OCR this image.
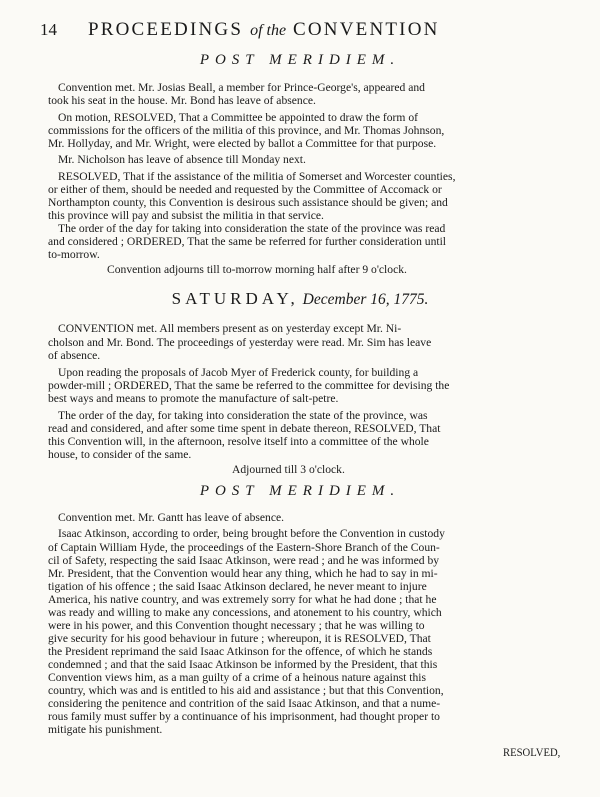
14 PROCEEDINGS of the CONVENTION
POST MERIDIEM.
Convention met. Mr. Josias Beall, a member for Prince-George's, appeared and
took his seat in the house. Mr. Bond has leave of absence.
On motion, RESOLVED, That a Committee be appointed to draw the form of
commissions for the officers of the militia of this province, and Mr. Thomas Johnson,
Mr. Hollyday, and Mr. Wright, were elected by ballot a Committee for that purpose.
Mr. Nicholson has leave of absence till Monday next.
RESOLVED, That if the assistance of the militia of Somerset and Worcester counties,
or either of them, should be needed and requested by the Committee of Accomack or
Northampton county, this Convention is desirous such assistance should be given; and
this province will pay and subsist the militia in that service.
The order of the day for taking into consideration the state of the province was read
and considered ; ORDERED, That the same be referred for further consideration until
to-morrow.
Convention adjourns till to-morrow morning half after 9 o'clock.
SATURDAY, December 16, 1775.
CONVENTION met. All members present as on yesterday except Mr. Ni-
cholson and Mr. Bond. The proceedings of yesterday were read. Mr. Sim has leave
of absence.
Upon reading the proposals of Jacob Myer of Frederick county, for building a
powder-mill ; ORDERED, That the same be referred to the committee for devising the
best ways and means to promote the manufacture of salt-petre.
The order of the day, for taking into consideration the state of the province, was
read and considered, and after some time spent in debate thereon, RESOLVED, That
this Convention will, in the afternoon, resolve itself into a committee of the whole
house, to consider of the same.
Adjourned till 3 o'clock.
POST MERIDIEM.
Convention met. Mr. Gantt has leave of absence.
Isaac Atkinson, according to order, being brought before the Convention in custody
of Captain William Hyde, the proceedings of the Eastern-Shore Branch of the Coun-
cil of Safety, respecting the said Isaac Atkinson, were read ; and he was informed by
Mr. President, that the Convention would hear any thing, which he had to say in mi-
tigation of his offence ; the said Isaac Atkinson declared, he never meant to injure
America, his native country, and was extremely sorry for what he had done ; that he
was ready and willing to make any concessions, and atonement to his country, which
were in his power, and this Convention thought necessary ; that he was willing to
give security for his good behaviour in future ; whereupon, it is RESOLVED, That
the President reprimand the said Isaac Atkinson for the offence, of which he stands
condemned ; and that the said Isaac Atkinson be informed by the President, that this
Convention views him, as a man guilty of a crime of a heinous nature against this
country, which was and is entitled to his aid and assistance ; but that this Convention,
considering the penitence and contrition of the said Isaac Atkinson, and that a nume-
rous family must suffer by a continuance of his imprisonment, had thought proper to
mitigate his punishment.
RESOLVED,
